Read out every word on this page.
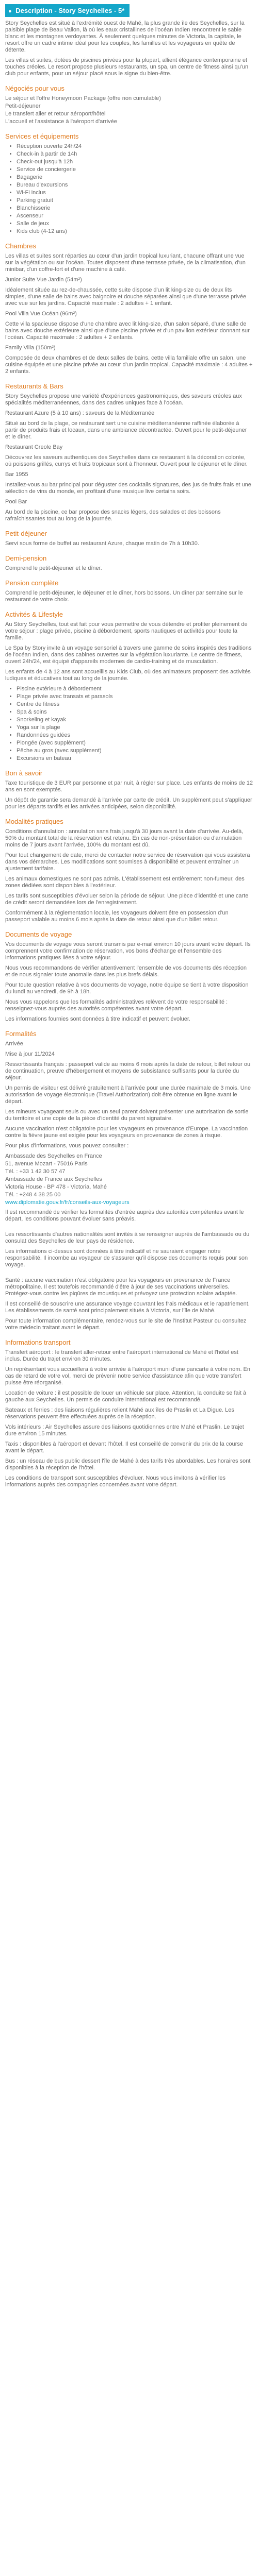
● Description - Story Seychelles - 5*

Story Seychelles est situé à l'extrémité ouest de Mahé, la plus grande île des Seychelles, sur la paisible plage de Beau Vallon, là où les eaux cristallines de l'océan Indien rencontrent le sable blanc et les montagnes verdoyantes. À seulement quelques minutes de Victoria, la capitale, le resort offre un cadre intime idéal pour les couples, les familles et les voyageurs en quête de détente.

Les villas et suites, dotées de piscines privées pour la plupart, allient élégance contemporaine et touches créoles. Le resort propose plusieurs restaurants, un spa, un centre de fitness ainsi qu'un club pour enfants, pour un séjour placé sous le signe du bien-être.

Négociés pour vous

Le séjour et l'offre Honeymoon Package (offre non cumulable)

Petit-déjeuner

Le transfert aller et retour aéroport/hôtel

L'accueil et l'assistance à l'aéroport d'arrivée

Services et équipements
• Réception ouverte 24h/24
• Check-in à partir de 14h
• Check-out jusqu'à 12h
• Service de conciergerie
• Bagagerie
• Bureau d'excursions
• Wi-Fi inclus
• Parking gratuit
• Blanchisserie
• Ascenseur
• Salle de jeux
• Kids club (4-12 ans)
Chambres

Les villas et suites sont réparties au cœur d'un jardin tropical luxuriant, chacune offrant une vue sur la végétation ou sur l'océan. Toutes disposent d'une terrasse privée, de la climatisation, d'un minibar, d'un coffre-fort et d'une machine à café.

Junior Suite Vue Jardin (54m²)

Idéalement située au rez-de-chaussée, cette suite dispose d'un lit king-size ou de deux lits simples, d'une salle de bains avec baignoire et douche séparées ainsi que d'une terrasse privée avec vue sur les jardins. Capacité maximale : 2 adultes + 1 enfant.

Pool Villa Vue Océan (96m²)

Cette villa spacieuse dispose d'une chambre avec lit king-size, d'un salon séparé, d'une salle de bains avec douche extérieure ainsi que d'une piscine privée et d'un pavillon extérieur donnant sur l'océan. Capacité maximale : 2 adultes + 2 enfants.

Family Villa (150m²)

Composée de deux chambres et de deux salles de bains, cette villa familiale offre un salon, une cuisine équipée et une piscine privée au cœur d'un jardin tropical. Capacité maximale : 4 adultes + 2 enfants.

Restaurants & Bars

Story Seychelles propose une variété d'expériences gastronomiques, des saveurs créoles aux spécialités méditerranéennes, dans des cadres uniques face à l'océan.

Restaurant Azure (5 à 10 ans) : saveurs de la Méditerranée

Situé au bord de la plage, ce restaurant sert une cuisine méditerranéenne raffinée élaborée à partir de produits frais et locaux, dans une ambiance décontractée. Ouvert pour le petit-déjeuner et le dîner.

Restaurant Creole Bay

Découvrez les saveurs authentiques des Seychelles dans ce restaurant à la décoration colorée, où poissons grillés, currys et fruits tropicaux sont à l'honneur. Ouvert pour le déjeuner et le dîner.

Bar 1955

Installez-vous au bar principal pour déguster des cocktails signatures, des jus de fruits frais et une sélection de vins du monde, en profitant d'une musique live certains soirs.

Pool Bar

Au bord de la piscine, ce bar propose des snacks légers, des salades et des boissons rafraîchissantes tout au long de la journée.

Petit-déjeuner

Servi sous forme de buffet au restaurant Azure, chaque matin de 7h à 10h30.

Demi-pension

Comprend le petit-déjeuner et le dîner.

Pension complète

Comprend le petit-déjeuner, le déjeuner et le dîner, hors boissons. Un dîner par semaine sur le restaurant de votre choix.

Activités & Lifestyle

Au Story Seychelles, tout est fait pour vous permettre de vous détendre et profiter pleinement de votre séjour : plage privée, piscine à débordement, sports nautiques et activités pour toute la famille.

Le Spa by Story invite à un voyage sensoriel à travers une gamme de soins inspirés des traditions de l'océan Indien, dans des cabines ouvertes sur la végétation luxuriante. Le centre de fitness, ouvert 24h/24, est équipé d'appareils modernes de cardio-training et de musculation.

Les enfants de 4 à 12 ans sont accueillis au Kids Club, où des animateurs proposent des activités ludiques et éducatives tout au long de la journée.

• Piscine extérieure à débordement
• Plage privée avec transats et parasols
• Centre de fitness
• Spa & soins
• Snorkeling et kayak
• Yoga sur la plage
• Randonnées guidées
• Plongée (avec supplément)
• Pêche au gros (avec supplément)
• Excursions en bateau
Bon à savoir

Taxe touristique de 3 EUR par personne et par nuit, à régler sur place. Les enfants de moins de 12 ans en sont exemptés.

Un dépôt de garantie sera demandé à l'arrivée par carte de crédit. Un supplément peut s'appliquer pour les départs tardifs et les arrivées anticipées, selon disponibilité.

Modalités pratiques

Conditions d'annulation : annulation sans frais jusqu'à 30 jours avant la date d'arrivée. Au-delà, 50% du montant total de la réservation est retenu. En cas de non-présentation ou d'annulation moins de 7 jours avant l'arrivée, 100% du montant est dû.

Pour tout changement de date, merci de contacter notre service de réservation qui vous assistera dans vos démarches. Les modifications sont soumises à disponibilité et peuvent entraîner un ajustement tarifaire.

Les animaux domestiques ne sont pas admis. L'établissement est entièrement non-fumeur, des zones dédiées sont disponibles à l'extérieur.

Les tarifs sont susceptibles d'évoluer selon la période de séjour. Une pièce d'identité et une carte de crédit seront demandées lors de l'enregistrement.

Conformément à la réglementation locale, les voyageurs doivent être en possession d'un passeport valable au moins 6 mois après la date de retour ainsi que d'un billet retour.

Documents de voyage

Vos documents de voyage vous seront transmis par e-mail environ 10 jours avant votre départ. Ils comprennent votre confirmation de réservation, vos bons d'échange et l'ensemble des informations pratiques liées à votre séjour.

Nous vous recommandons de vérifier attentivement l'ensemble de vos documents dès réception et de nous signaler toute anomalie dans les plus brefs délais.

Pour toute question relative à vos documents de voyage, notre équipe se tient à votre disposition du lundi au vendredi, de 9h à 18h.

Nous vous rappelons que les formalités administratives relèvent de votre responsabilité : renseignez-vous auprès des autorités compétentes avant votre départ.

Les informations fournies sont données à titre indicatif et peuvent évoluer.

Formalités

Arrivée

Mise à jour 11/2024

Ressortissants français : passeport valide au moins 6 mois après la date de retour, billet retour ou de continuation, preuve d'hébergement et moyens de subsistance suffisants pour la durée du séjour.

Un permis de visiteur est délivré gratuitement à l'arrivée pour une durée maximale de 3 mois. Une autorisation de voyage électronique (Travel Authorization) doit être obtenue en ligne avant le départ.

Les mineurs voyageant seuls ou avec un seul parent doivent présenter une autorisation de sortie du territoire et une copie de la pièce d'identité du parent signataire.

Aucune vaccination n'est obligatoire pour les voyageurs en provenance d'Europe. La vaccination contre la fièvre jaune est exigée pour les voyageurs en provenance de zones à risque.

Pour plus d'informations, vous pouvez consulter :

Ambassade des Seychelles en France

51, avenue Mozart - 75016 Paris

Tél. : +33 1 42 30 57 47

Ambassade de France aux Seychelles

Victoria House - BP 478 - Victoria, Mahé

Tél. : +248 4 38 25 00

www.diplomatie.gouv.fr/fr/conseils-aux-voyageurs

Il est recommandé de vérifier les formalités d'entrée auprès des autorités compétentes avant le départ, les conditions pouvant évoluer sans préavis.

Les ressortissants d'autres nationalités sont invités à se renseigner auprès de l'ambassade ou du consulat des Seychelles de leur pays de résidence.

Les informations ci-dessus sont données à titre indicatif et ne sauraient engager notre responsabilité. Il incombe au voyageur de s'assurer qu'il dispose des documents requis pour son voyage.

Santé : aucune vaccination n'est obligatoire pour les voyageurs en provenance de France métropolitaine. Il est toutefois recommandé d'être à jour de ses vaccinations universelles. Protégez-vous contre les piqûres de moustiques et prévoyez une protection solaire adaptée.

Il est conseillé de souscrire une assurance voyage couvrant les frais médicaux et le rapatriement. Les établissements de santé sont principalement situés à Victoria, sur l'île de Mahé.

Pour toute information complémentaire, rendez-vous sur le site de l'Institut Pasteur ou consultez votre médecin traitant avant le départ.

Informations transport

Transfert aéroport : le transfert aller-retour entre l'aéroport international de Mahé et l'hôtel est inclus. Durée du trajet environ 30 minutes.

Un représentant vous accueillera à votre arrivée à l'aéroport muni d'une pancarte à votre nom. En cas de retard de votre vol, merci de prévenir notre service d'assistance afin que votre transfert puisse être réorganisé.

Location de voiture : il est possible de louer un véhicule sur place. Attention, la conduite se fait à gauche aux Seychelles. Un permis de conduire international est recommandé.

Bateaux et ferries : des liaisons régulières relient Mahé aux îles de Praslin et La Digue. Les réservations peuvent être effectuées auprès de la réception.

Vols intérieurs : Air Seychelles assure des liaisons quotidiennes entre Mahé et Praslin. Le trajet dure environ 15 minutes.

Taxis : disponibles à l'aéroport et devant l'hôtel. Il est conseillé de convenir du prix de la course avant le départ.

Bus : un réseau de bus public dessert l'île de Mahé à des tarifs très abordables. Les horaires sont disponibles à la réception de l'hôtel.

Les conditions de transport sont susceptibles d'évoluer. Nous vous invitons à vérifier les informations auprès des compagnies concernées avant votre départ.
